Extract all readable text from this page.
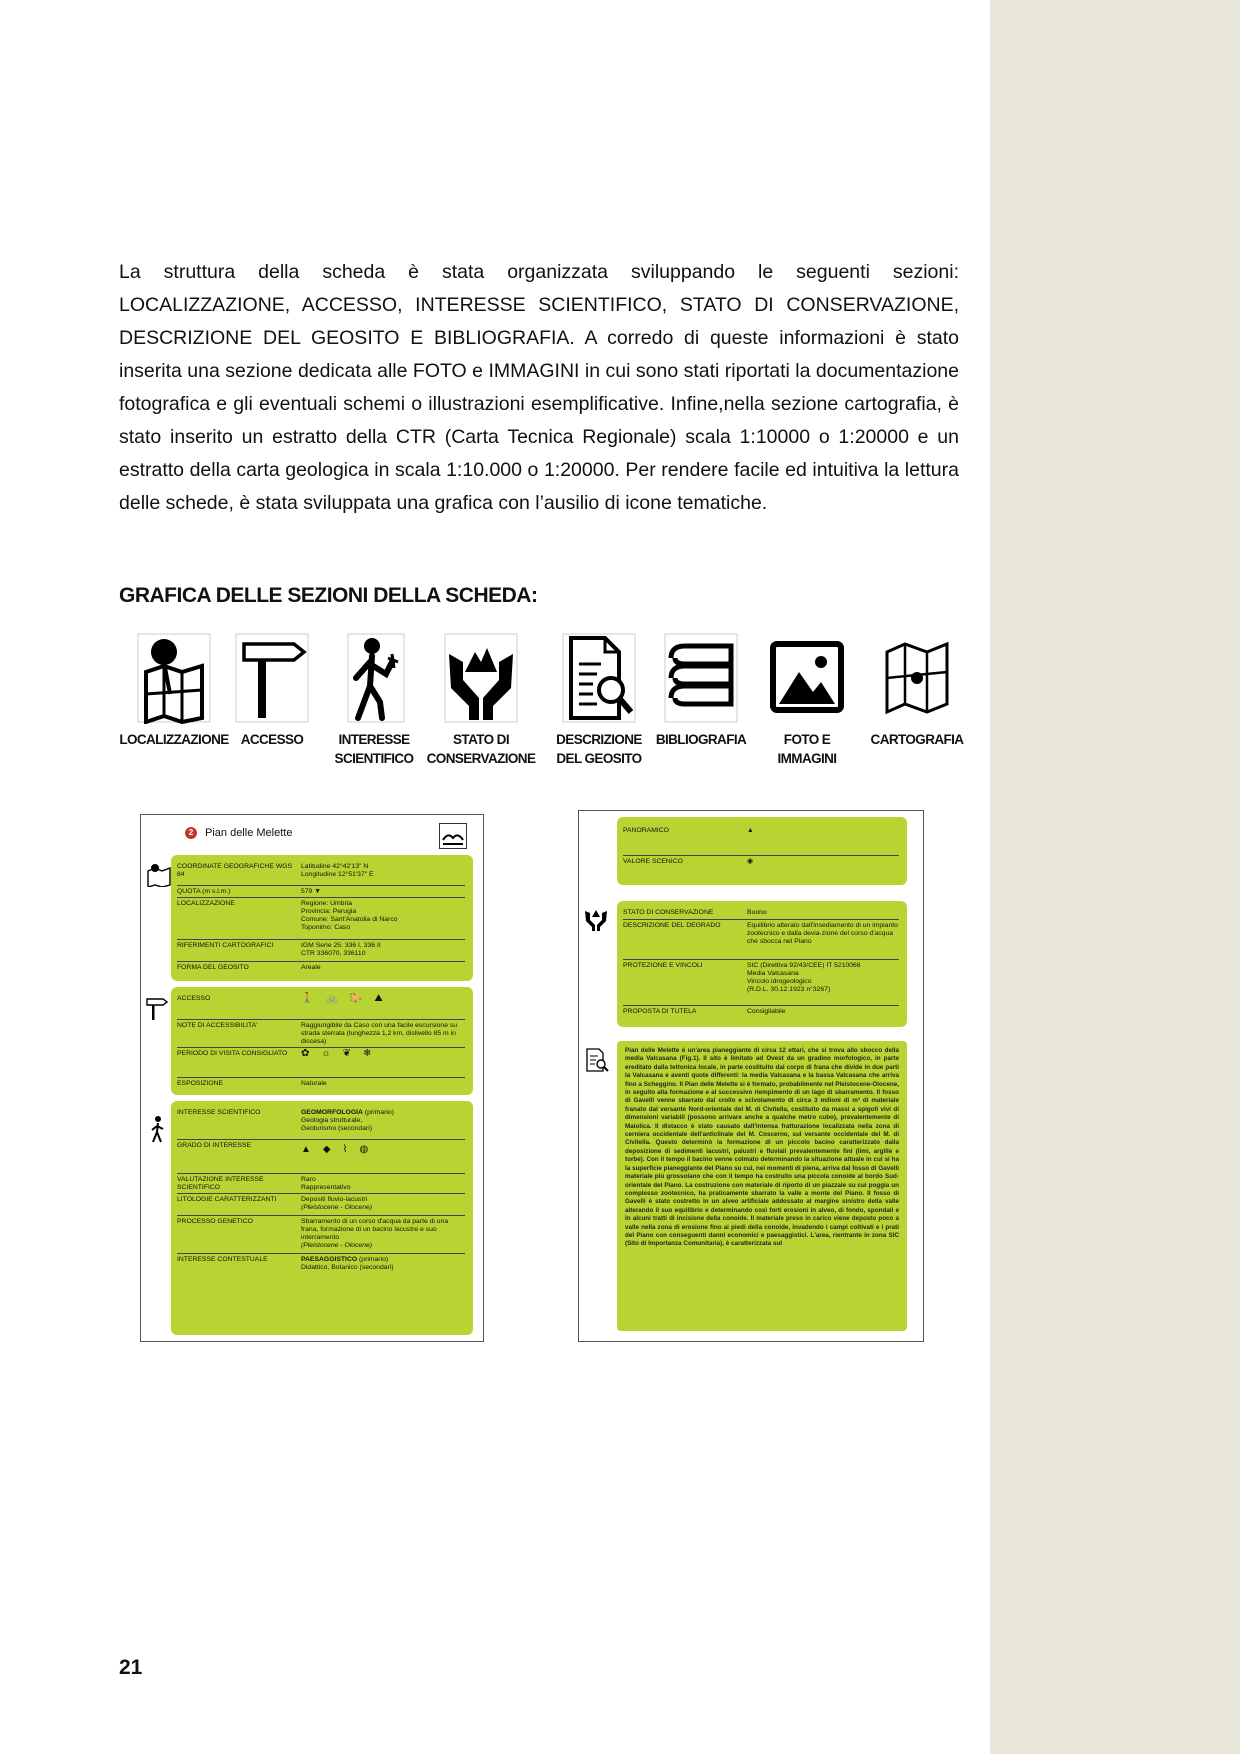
La struttura della scheda è stata organizzata sviluppando le seguenti sezioni: LOCALIZZAZIONE, ACCESSO, INTERESSE SCIENTIFICO, STATO DI CONSERVAZIONE, DESCRIZIONE DEL GEOSITO E BIBLIOGRAFIA. A corredo di queste informazioni è stato inserita una sezione dedicata alle FOTO e IMMAGINI in cui sono stati riportati la documentazione fotografica e gli eventuali schemi o illustrazioni esemplificative. Infine,nella sezione cartografia, è stato inserito un estratto della CTR (Carta Tecnica Regionale) scala 1:10000 o 1:20000 e un estratto della carta geologica in scala 1:10.000 o 1:20000. Per rendere facile ed intuitiva la lettura delle schede, è stata sviluppata una grafica con l’ausilio di icone tematiche.

GRAFICA DELLE SEZIONI DELLA SCHEDA:

LOCALIZZAZIONE ACCESSO	INTERESSE
SCIENTIFICO
STATO DI
CONSERVAZIONE
DESCRIZIONE
DEL GEOSITO
BIBLIOGRAFIA	FOTO E
IMMAGINI
CARTOGRAFIA
2	Pian delle Melette
COORDINATE GEOGRAFICHE WGS 84
Latitudine 42°42'13" N
Longitudine 12°51'37" E
QUOTA (m s.l.m.)	579 ▼
LOCALIZZAZIONE	Regione: Umbria
Provincia: Perugia
Comune: Sant'Anatolia di Narco
Toponimo: Caso
RIFERIMENTI CARTOGRAFICI	IGM Serie 25: 336 I, 336 II
CTR 336070, 336110
FORMA DEL GEOSITO	Areale
ACCESSO	🚶 🚲 🐎 ⛰
NOTE DI ACCESSIBILITA'	Raggiungibile da Caso con una facile escursione su strada sterrata (lunghezza 1,2 km, dislivello 85 m in discesa)
PERIODO DI VISITA CONSIGLIATO	✿ ☼ ❦ ❄
ESPOSIZIONE	Naturale
INTERESSE SCIENTIFICO	GEOMORFOLOGIA (primario)
Geologia strutturale,
Geoturismo (secondari)
GRADO DI INTERESSE	▲ ◆ ⌇ ◍
VALUTAZIONE INTERESSE
SCIENTIFICO
Raro
Rappresentativo
LITOLOGIE CARATTERIZZANTI	Depositi fluvio-lacustri
(Pleistocene - Olocene)
PROCESSO GENETICO	Sbarramento di un corso d'acqua da parte di una frana, formazione di un bacino lacustre e suo interramento
(Pleistocene - Olocene)
INTERESSE CONTESTUALE	PAESAGGISTICO (primario)
Didattico, Botanico (secondari)
PANORAMICO	▲
VALORE SCENICO	◉
STATO DI CONSERVAZIONE	Buono
DESCRIZIONE DEL DEGRADO	Equilibrio alterato dall'insediamento di un impianto zootecnico e dalla devia-zione del corso d'acqua che sbocca nel Piano
PROTEZIONE E VINCOLI	SIC (Direttiva 92/43/CEE) IT 5210066
Media Valcasana
Vincolo idrogeologico
(R.D.L. 30.12.1923 n°3267)
PROPOSTA DI TUTELA	Consigliabile
Pian delle Melette è un'area pianeggiante di circa 12 ettari, che si trova allo sbocco della media Valcasana (Fig.1). Il sito è limitato ad Ovest da un gradino morfologico, in parte ereditato dalla tettonica locale, in parte costituito dal corpo di frana che divide in due parti la Valcasana e aventi quote differenti: la media Valcasana e la bassa Valcasana che arriva fino a Scheggino. Il Pian delle Melette si è formato, probabilmente nel Pleistocene-Olocene, in seguito alla formazione e al successivo riempimento di un lago di sbarramento. Il fosso di Gavelli venne sbarrato dal crollo e scivolamento di circa 3 milioni di m³ di materiale franato dal versante Nord-orientale del M. di Civitella, costituito da massi a spigoli vivi di dimensioni variabili (possono arrivare anche a qualche metro cubo), prevalentemente di Maiolica. Il distacco è stato causato dall'intensa fratturazione localizzata nella zona di cerniera occidentale dell'anticlinale del M. Coscerno, sul versante occidentale del M. di Civitella. Questo determinò la formazione di un piccolo bacino caratterizzato dalla deposizione di sedimenti lacustri, palustri e fluviali prevalentemente fini (limi, argille e torbe). Con il tempo il bacino venne colmato determinando la situazione attuale in cui si ha la superficie pianeggiante del Piano su cui, nei momenti di piena, arriva dal fosso di Gavelli materiale più grossolano che con il tempo ha costruito una piccola conoide al bordo Sud-orientale del Piano. La costruzione con materiale di riporto di un piazzale su cui poggia un complesso zootecnico, ha praticamente sbarrato la valle a monte del Piano. Il fosso di Gavelli è stato costretto in un alveo artificiale addossato al margine sinistro della valle alterando il suo equilibrio e determinando così forti erosioni in alveo, di fondo, spondali e in alcuni tratti di incisione della conoide. Il materiale preso in carico viene deposto poco a valle nella zona di erosione fino ai piedi della conoide, invadendo i campi coltivati e i prati del Piano con conseguenti danni economici e paesaggistici. L'area, rientrante in zona SIC (Sito di Importanza Comunitaria), è caratterizzata sul

21
